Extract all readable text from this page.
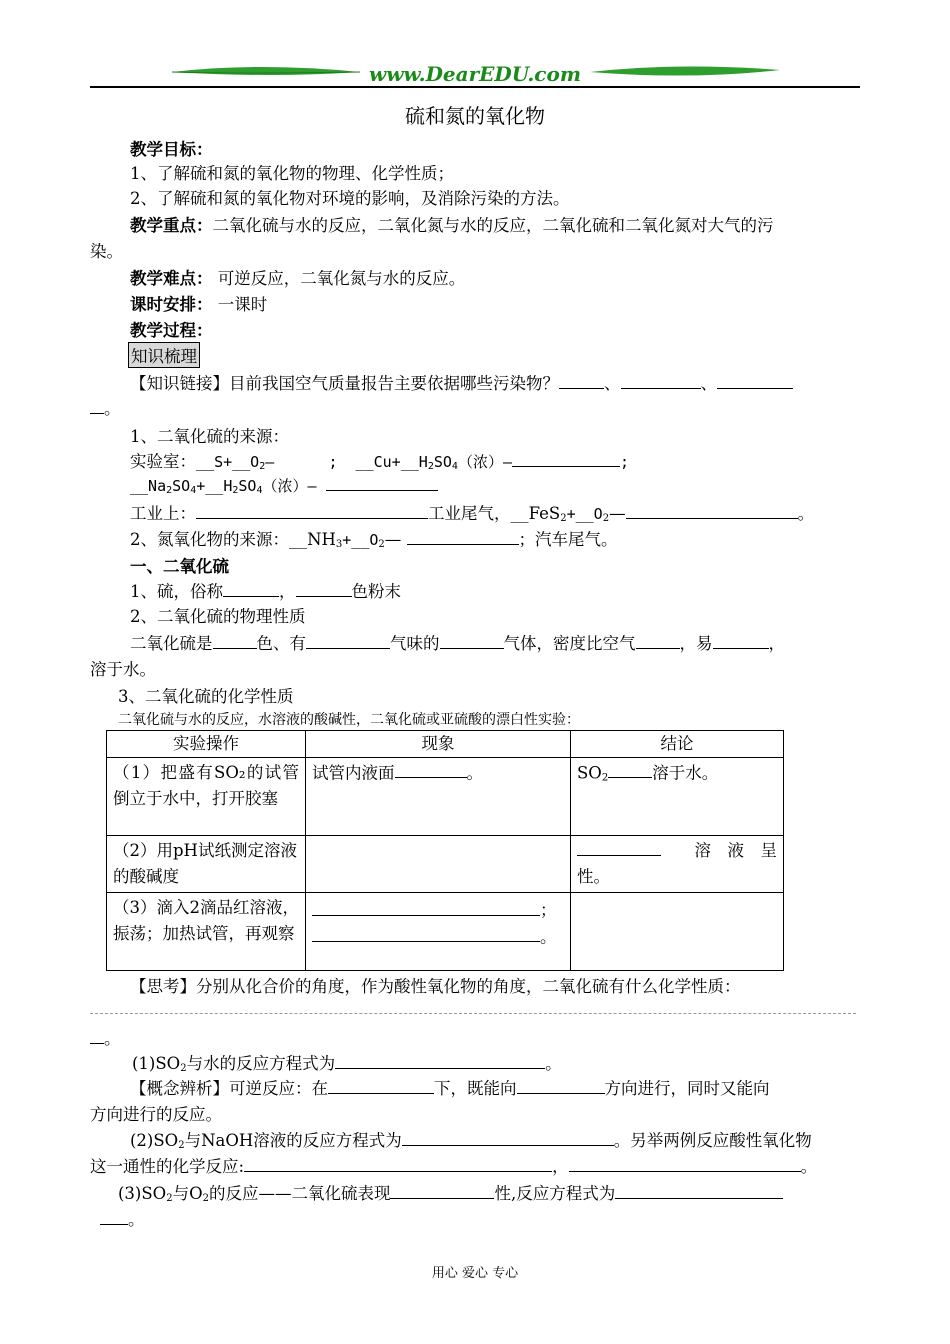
www.DearEDU.com
硫和氮的氧化物
教学目标：
1、了解硫和氮的氧化物的物理、化学性质；
2、了解硫和氮的氧化物对环境的影响，及消除污染的方法。
教学重点：二氧化硫与水的反应，二氧化氮与水的反应，二氧化硫和二氧化氮对大气的污
染。
教学难点： 可逆反应，二氧化氮与水的反应。
课时安排： 一课时
教学过程：
知识梳理
【知识链接】目前我国空气质量报告主要依据哪些污染物？	、	、
。
1、二氧化硫的来源：
实验室：$\_\_S+\_\_O_2—$      ;  $\_\_Cu+\_\_H_2SO_4$（浓）—	;
$\_\_Na_2SO_4+\_\_H_2SO_4$（浓）—
工业上：	工业尾气，$\_\_FeS_2+\_\_O_2—$	。
2、氮氧化物的来源：$\_\_NH_3+\_\_O_2—$	；汽车尾气。
一、二氧化硫
1、硫，俗称	，	色粉末
2、二氧化硫的物理性质
二氧化硫是	色、有	气味的	气体，密度比空气	，易	，
溶于水。
3、二氧化硫的化学性质
二氧化硫与水的反应，水溶液的酸碱性，二氧化硫或亚硫酸的漂白性实验：
实验操作	现象	结论
（1）把盛有SO₂的试管倒立于水中，打开胶塞	试管内液面 。	$SO_2$ 溶于水。
（2）用pH试纸测定溶液的酸碱度		溶　液　呈

性。
（3）滴入2滴品红溶液，振荡；加热试管，再观察	；
。	
【思考】分别从化合价的角度，作为酸性氧化物的角度，二氧化硫有什么化学性质：
。
$(1)SO_2$与水的反应方程式为	。
【概念辨析】可逆反应：在	下，既能向	方向进行，同时又能向
方向进行的反应。
$(2)SO_2$与NaOH溶液的反应方程式为	。另举两例反应酸性氧化物
这一通性的化学反应:	，	。
$(3)SO_2$与$O_2$的反应——二氧化硫表现	性,反应方程式为
。
用心 爱心 专心
